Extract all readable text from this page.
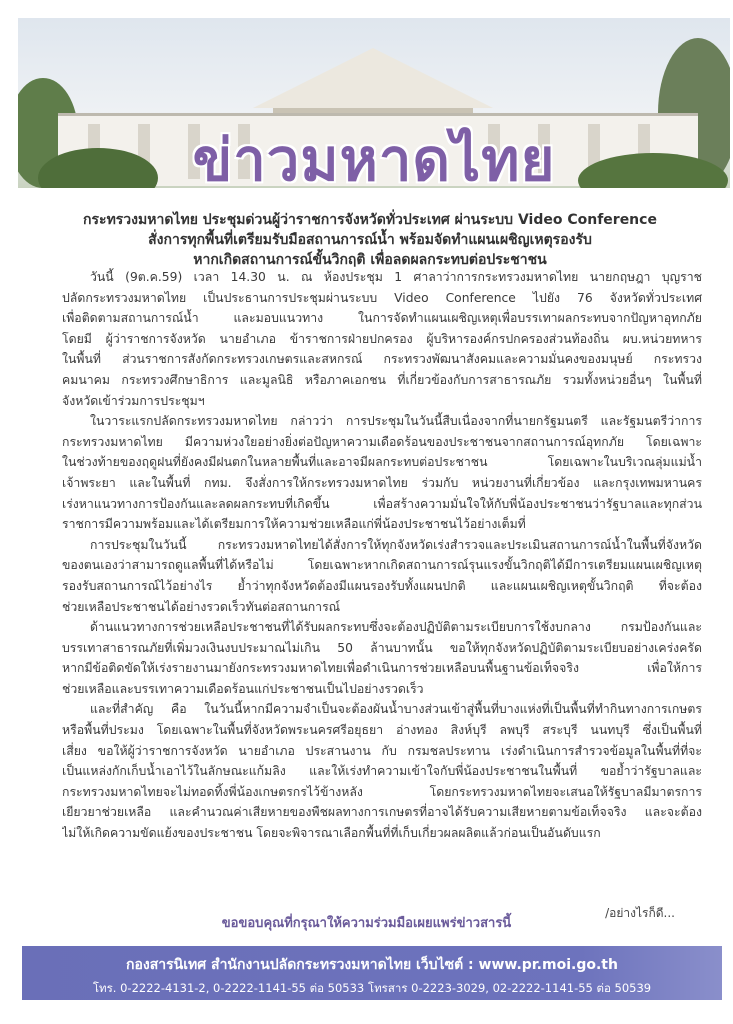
ข่าวมหาดไทย
กระทรวงมหาดไทย ประชุมด่วนผู้ว่าราชการจังหวัดทั่วประเทศ ผ่านระบบ Video Conference
สั่งการทุกพื้นที่เตรียมรับมือสถานการณ์น้ำ พร้อมจัดทำแผนเผชิญเหตุรองรับ
หากเกิดสถานการณ์ขั้นวิกฤติ เพื่อลดผลกระทบต่อประชาชน
วันนี้ (9ต.ค.59) เวลา 14.30 น. ณ ห้องประชุม 1 ศาลาว่าการกระทรวงมหาดไทย นายกฤษฎา บุญราช
ปลัดกระทรวงมหาดไทย เป็นประธานการประชุมผ่านระบบ Video Conference ไปยัง 76 จังหวัดทั่วประเทศ
เพื่อติดตามสถานการณ์น้ำ และมอบแนวทาง ในการจัดทำแผนเผชิญเหตุเพื่อบรรเทาผลกระทบจากปัญหาอุทกภัย
โดยมี ผู้ว่าราชการจังหวัด นายอำเภอ ข้าราชการฝ่ายปกครอง ผู้บริหารองค์กรปกครองส่วนท้องถิ่น ผบ.หน่วยทหาร
ในพื้นที่ ส่วนราชการสังกัดกระทรวงเกษตรและสหกรณ์ กระทรวงพัฒนาสังคมและความมั่นคงของมนุษย์ กระทรวง
คมนาคม กระทรวงศึกษาธิการ และมูลนิธิ หรือภาคเอกชน ที่เกี่ยวข้องกับการสาธารณภัย รวมทั้งหน่วยอื่นๆ ในพื้นที่
จังหวัดเข้าร่วมการประชุมฯ
ในวาระแรกปลัดกระทรวงมหาดไทย กล่าวว่า การประชุมในวันนี้สืบเนื่องจากที่นายกรัฐมนตรี และรัฐมนตรีว่าการ
กระทรวงมหาดไทย มีความห่วงใยอย่างยิ่งต่อปัญหาความเดือดร้อนของประชาชนจากสถานการณ์อุทกภัย โดยเฉพาะ
ในช่วงท้ายของฤดูฝนที่ยังคงมีฝนตกในหลายพื้นที่และอาจมีผลกระทบต่อประชาชน โดยเฉพาะในบริเวณลุ่มแม่น้ำ
เจ้าพระยา และในพื้นที่ กทม. จึงสั่งการให้กระทรวงมหาดไทย ร่วมกับ หน่วยงานที่เกี่ยวข้อง และกรุงเทพมหานคร
เร่งหาแนวทางการป้องกันและลดผลกระทบที่เกิดขึ้น เพื่อสร้างความมั่นใจให้กับพี่น้องประชาชนว่ารัฐบาลและทุกส่วน
ราชการมีความพร้อมและได้เตรียมการให้ความช่วยเหลือแก่พี่น้องประชาชนไว้อย่างเต็มที่
การประชุมในวันนี้ กระทรวงมหาดไทยได้สั่งการให้ทุกจังหวัดเร่งสำรวจและประเมินสถานการณ์น้ำในพื้นที่จังหวัด
ของตนเองว่าสามารถดูแลพื้นที่ได้หรือไม่ โดยเฉพาะหากเกิดสถานการณ์รุนแรงขั้นวิกฤติได้มีการเตรียมแผนเผชิญเหตุ
รองรับสถานการณ์ไว้อย่างไร ย้ำว่าทุกจังหวัดต้องมีแผนรองรับทั้งแผนปกติ และแผนเผชิญเหตุขั้นวิกฤติ ที่จะต้อง
ช่วยเหลือประชาชนได้อย่างรวดเร็วทันต่อสถานการณ์
ด้านแนวทางการช่วยเหลือประชาชนที่ได้รับผลกระทบซึ่งจะต้องปฏิบัติตามระเบียบการใช้งบกลาง กรมป้องกันและ
บรรเทาสาธารณภัยที่เพิ่มวงเงินงบประมาณไม่เกิน 50 ล้านบาทนั้น ขอให้ทุกจังหวัดปฏิบัติตามระเบียบอย่างเคร่งครัด
หากมีข้อติดขัดให้เร่งรายงานมายังกระทรวงมหาดไทยเพื่อดำเนินการช่วยเหลือบนพื้นฐานข้อเท็จจริง เพื่อให้การ
ช่วยเหลือและบรรเทาความเดือดร้อนแก่ประชาชนเป็นไปอย่างรวดเร็ว
และที่สำคัญ คือ ในวันนี้หากมีความจำเป็นจะต้องผันน้ำบางส่วนเข้าสู่พื้นที่บางแห่งที่เป็นพื้นที่ทำกินทางการเกษตร
หรือพื้นที่ประมง โดยเฉพาะในพื้นที่จังหวัดพระนครศรีอยุธยา อ่างทอง สิงห์บุรี ลพบุรี สระบุรี นนทบุรี ซึ่งเป็นพื้นที่
เสี่ยง ขอให้ผู้ว่าราชการจังหวัด นายอำเภอ ประสานงาน กับ กรมชลประทาน เร่งดำเนินการสำรวจข้อมูลในพื้นที่ที่จะ
เป็นแหล่งกักเก็บน้ำเอาไว้ในลักษณะแก้มลิง และให้เร่งทำความเข้าใจกับพี่น้องประชาชนในพื้นที่ ขอย้ำว่ารัฐบาลและ
กระทรวงมหาดไทยจะไม่ทอดทิ้งพี่น้องเกษตรกรไว้ข้างหลัง โดยกระทรวงมหาดไทยจะเสนอให้รัฐบาลมีมาตรการ
เยียวยาช่วยเหลือ และคำนวณค่าเสียหายของพืชผลทางการเกษตรที่อาจได้รับความเสียหายตามข้อเท็จจริง และจะต้อง
ไม่ให้เกิดความขัดแย้งของประชาชน โดยจะพิจารณาเลือกพื้นที่ที่เก็บเกี่ยวผลผลิตแล้วก่อนเป็นอันดับแรก
/อย่างไรก็ดี...
ขอขอบคุณที่กรุณาให้ความร่วมมือเผยแพร่ข่าวสารนี้
กองสารนิเทศ สำนักงานปลัดกระทรวงมหาดไทย เว็บไซต์ : www.pr.moi.go.th
โทร. 0-2222-4131-2, 0-2222-1141-55 ต่อ 50533 โทรสาร 0-2223-3029, 02-2222-1141-55 ต่อ 50539
